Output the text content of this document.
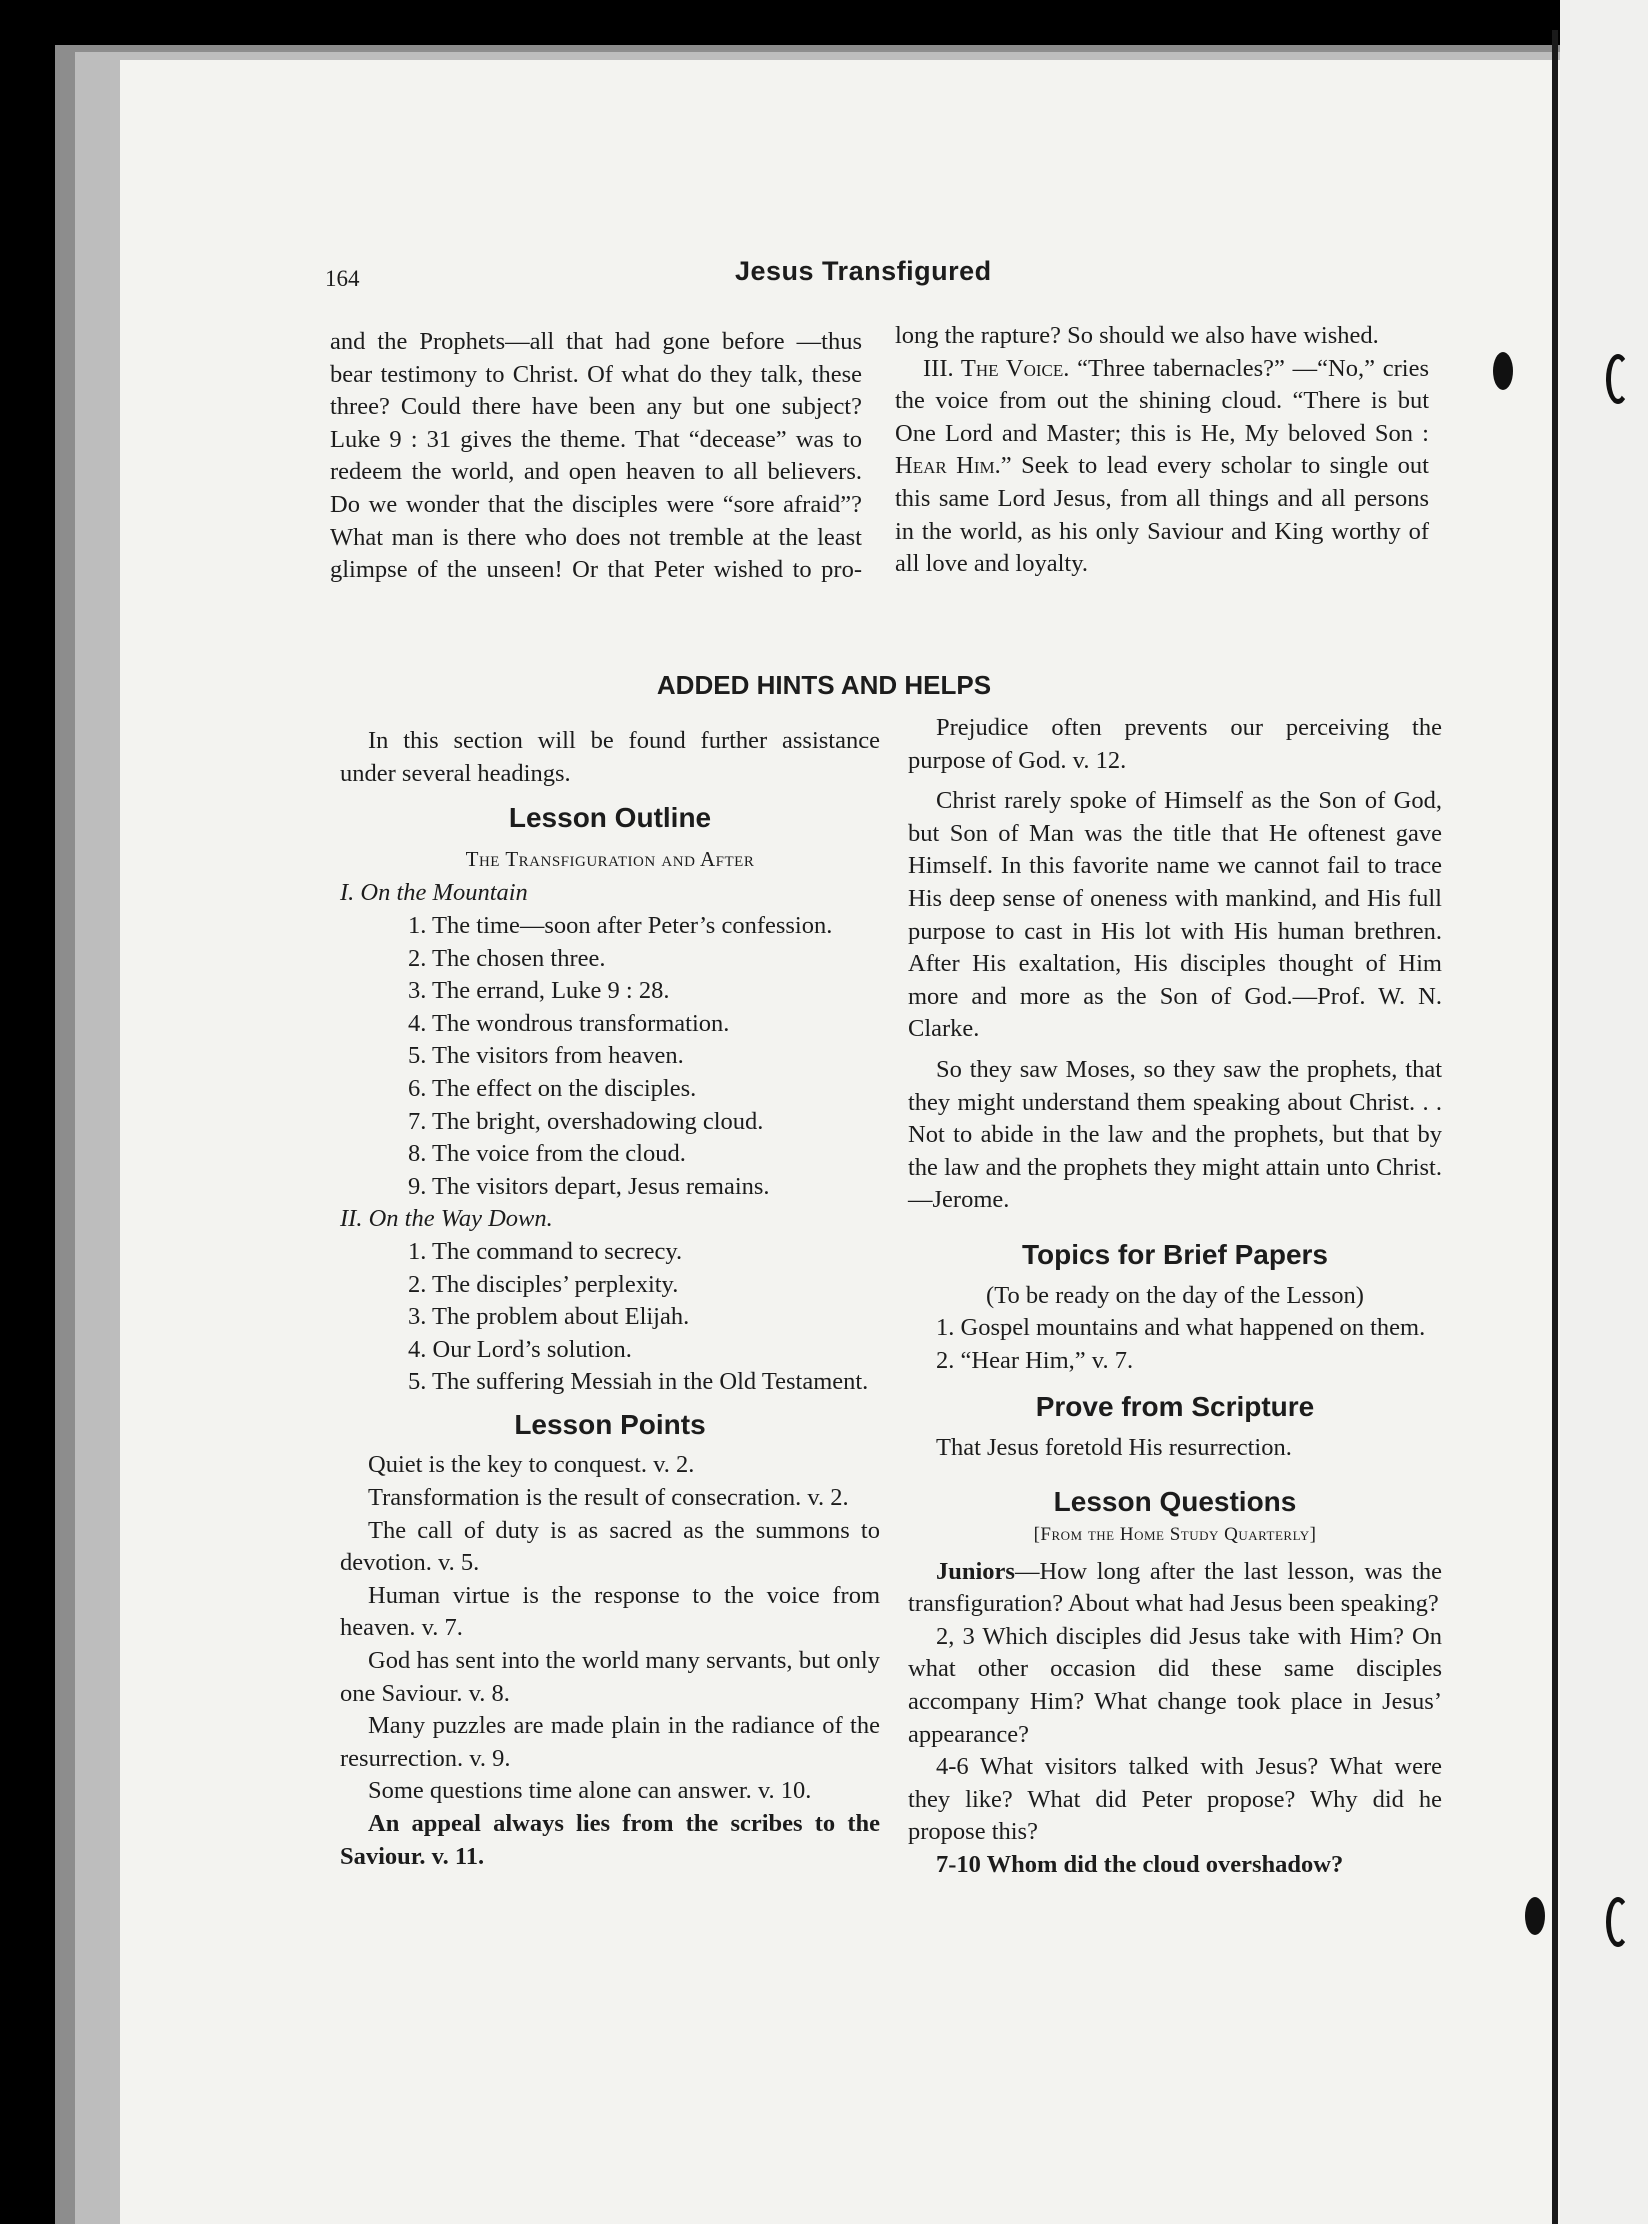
164	Jesus Transfigured

and the Prophets—all that had gone before —thus bear testimony to Christ. Of what do they talk, these three? Could there have been any but one subject? Luke 9 : 31 gives the theme. That “decease” was to redeem the world, and open heaven to all believers. Do we wonder that the disciples were “sore afraid”? What man is there who does not tremble at the least glimpse of the unseen! Or that Peter wished to pro-

long the rapture? So should we also have wished.

III. The Voice. “Three tabernacles?” —“No,” cries the voice from out the shining cloud. “There is but One Lord and Master; this is He, My beloved Son : Hear Him.” Seek to lead every scholar to single out this same Lord Jesus, from all things and all persons in the world, as his only Saviour and King worthy of all love and loyalty.

ADDED HINTS AND HELPS

In this section will be found further assistance under several headings.

Lesson Outline

The Transfiguration and After

I. On the Mountain

1. The time—soon after Peter’s confession.

2. The chosen three.

3. The errand, Luke 9 : 28.

4. The wondrous transformation.

5. The visitors from heaven.

6. The effect on the disciples.

7. The bright, overshadowing cloud.

8. The voice from the cloud.

9. The visitors depart, Jesus remains.

II. On the Way Down.

1. The command to secrecy.

2. The disciples’ perplexity.

3. The problem about Elijah.

4. Our Lord’s solution.

5. The suffering Messiah in the Old Testament.

Lesson Points

Quiet is the key to conquest. v. 2.

Transformation is the result of consecration. v. 2.

The call of duty is as sacred as the summons to devotion. v. 5.

Human virtue is the response to the voice from heaven. v. 7.

God has sent into the world many servants, but only one Saviour. v. 8.

Many puzzles are made plain in the radiance of the resurrection. v. 9.

Some questions time alone can answer. v. 10.

An appeal always lies from the scribes to the Saviour. v. 11.

Prejudice often prevents our perceiving the purpose of God. v. 12.

Christ rarely spoke of Himself as the Son of God, but Son of Man was the title that He oftenest gave Himself. In this favorite name we cannot fail to trace His deep sense of oneness with mankind, and His full purpose to cast in His lot with His human brethren. After His exaltation, His disciples thought of Him more and more as the Son of God.—Prof. W. N. Clarke.

So they saw Moses, so they saw the prophets, that they might understand them speaking about Christ. . . Not to abide in the law and the prophets, but that by the law and the prophets they might attain unto Christ.—Jerome.

Topics for Brief Papers

(To be ready on the day of the Lesson)

1. Gospel mountains and what happened on them.

2. “Hear Him,” v. 7.

Prove from Scripture

That Jesus foretold His resurrection.

Lesson Questions

[From the Home Study Quarterly]

Juniors—How long after the last lesson, was the transfiguration? About what had Jesus been speaking?

2, 3 Which disciples did Jesus take with Him? On what other occasion did these same disciples accompany Him? What change took place in Jesus’ appearance?

4-6 What visitors talked with Jesus? What were they like? What did Peter propose? Why did he propose this?

7-10 Whom did the cloud overshadow?
